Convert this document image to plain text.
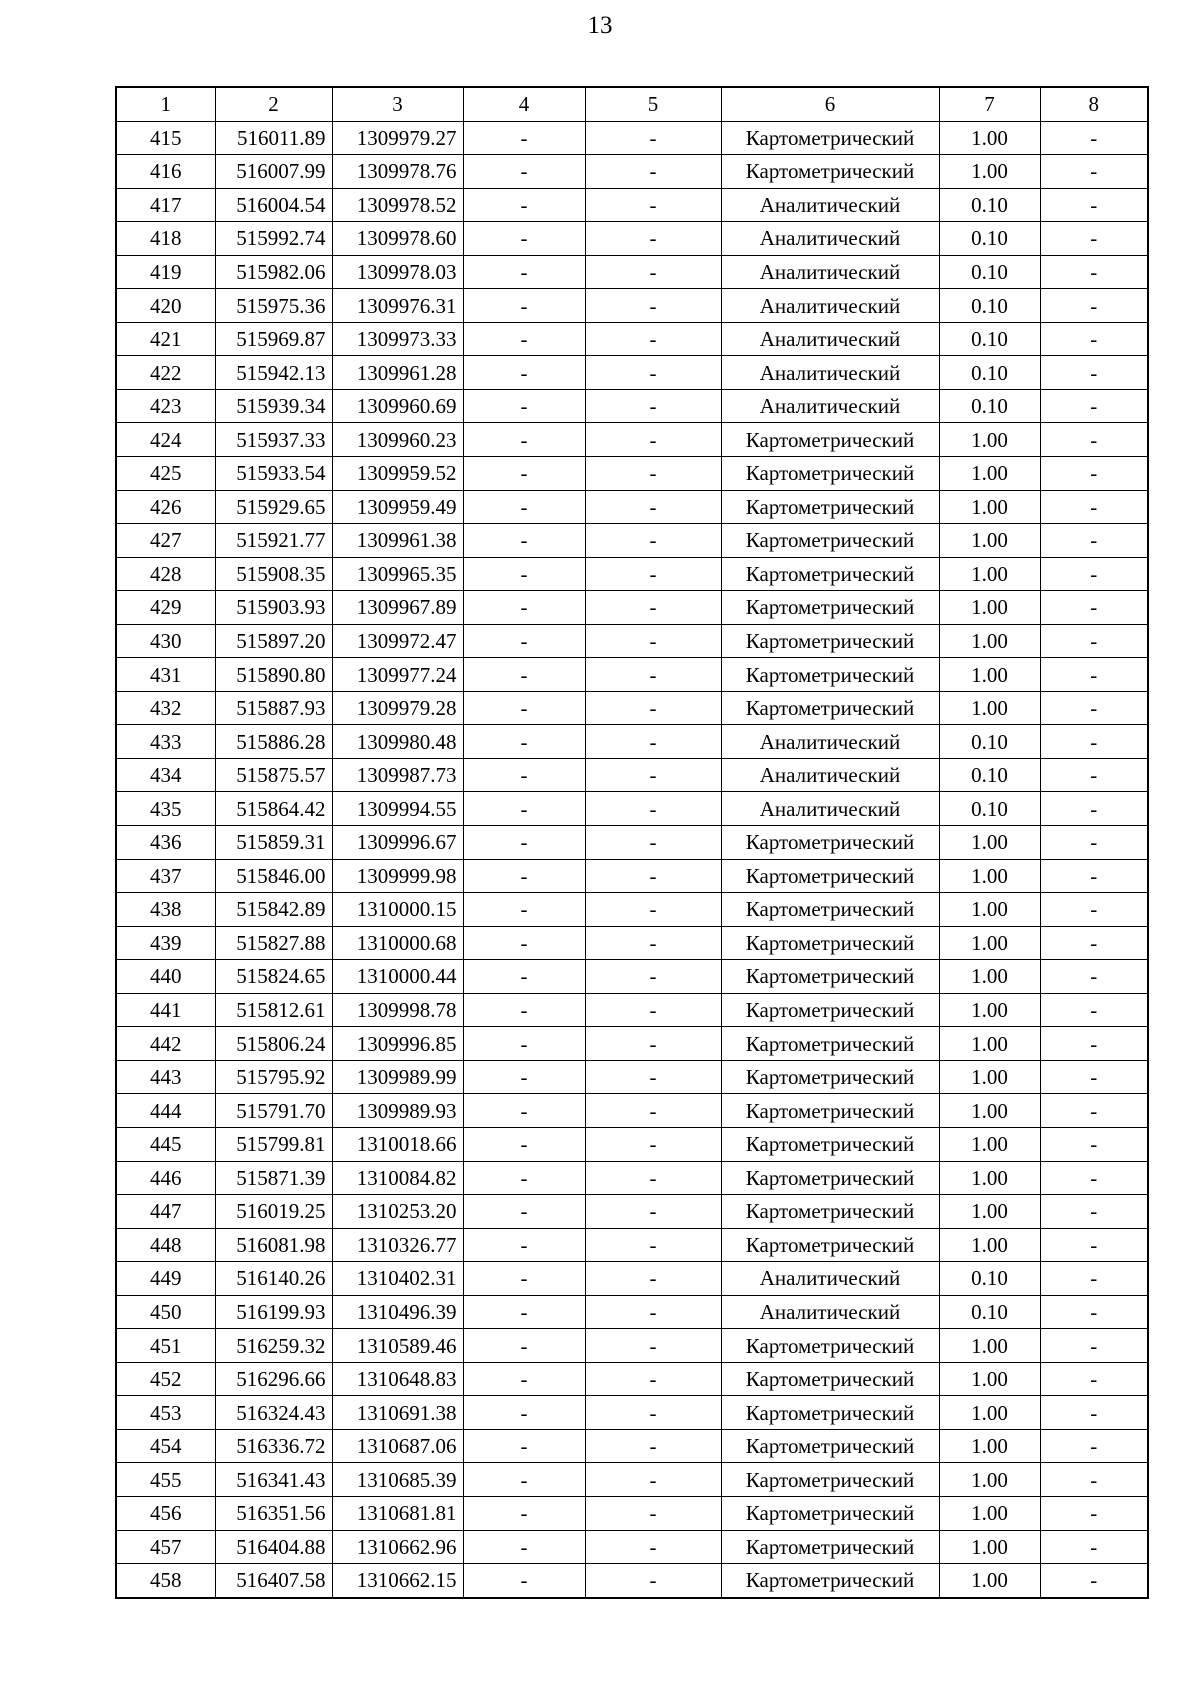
13
1	2	3	4	5	6	7	8
415	516011.89	1309979.27	-	-	Картометрический	1.00	-
416	516007.99	1309978.76	-	-	Картометрический	1.00	-
417	516004.54	1309978.52	-	-	Аналитический	0.10	-
418	515992.74	1309978.60	-	-	Аналитический	0.10	-
419	515982.06	1309978.03	-	-	Аналитический	0.10	-
420	515975.36	1309976.31	-	-	Аналитический	0.10	-
421	515969.87	1309973.33	-	-	Аналитический	0.10	-
422	515942.13	1309961.28	-	-	Аналитический	0.10	-
423	515939.34	1309960.69	-	-	Аналитический	0.10	-
424	515937.33	1309960.23	-	-	Картометрический	1.00	-
425	515933.54	1309959.52	-	-	Картометрический	1.00	-
426	515929.65	1309959.49	-	-	Картометрический	1.00	-
427	515921.77	1309961.38	-	-	Картометрический	1.00	-
428	515908.35	1309965.35	-	-	Картометрический	1.00	-
429	515903.93	1309967.89	-	-	Картометрический	1.00	-
430	515897.20	1309972.47	-	-	Картометрический	1.00	-
431	515890.80	1309977.24	-	-	Картометрический	1.00	-
432	515887.93	1309979.28	-	-	Картометрический	1.00	-
433	515886.28	1309980.48	-	-	Аналитический	0.10	-
434	515875.57	1309987.73	-	-	Аналитический	0.10	-
435	515864.42	1309994.55	-	-	Аналитический	0.10	-
436	515859.31	1309996.67	-	-	Картометрический	1.00	-
437	515846.00	1309999.98	-	-	Картометрический	1.00	-
438	515842.89	1310000.15	-	-	Картометрический	1.00	-
439	515827.88	1310000.68	-	-	Картометрический	1.00	-
440	515824.65	1310000.44	-	-	Картометрический	1.00	-
441	515812.61	1309998.78	-	-	Картометрический	1.00	-
442	515806.24	1309996.85	-	-	Картометрический	1.00	-
443	515795.92	1309989.99	-	-	Картометрический	1.00	-
444	515791.70	1309989.93	-	-	Картометрический	1.00	-
445	515799.81	1310018.66	-	-	Картометрический	1.00	-
446	515871.39	1310084.82	-	-	Картометрический	1.00	-
447	516019.25	1310253.20	-	-	Картометрический	1.00	-
448	516081.98	1310326.77	-	-	Картометрический	1.00	-
449	516140.26	1310402.31	-	-	Аналитический	0.10	-
450	516199.93	1310496.39	-	-	Аналитический	0.10	-
451	516259.32	1310589.46	-	-	Картометрический	1.00	-
452	516296.66	1310648.83	-	-	Картометрический	1.00	-
453	516324.43	1310691.38	-	-	Картометрический	1.00	-
454	516336.72	1310687.06	-	-	Картометрический	1.00	-
455	516341.43	1310685.39	-	-	Картометрический	1.00	-
456	516351.56	1310681.81	-	-	Картометрический	1.00	-
457	516404.88	1310662.96	-	-	Картометрический	1.00	-
458	516407.58	1310662.15	-	-	Картометрический	1.00	-
